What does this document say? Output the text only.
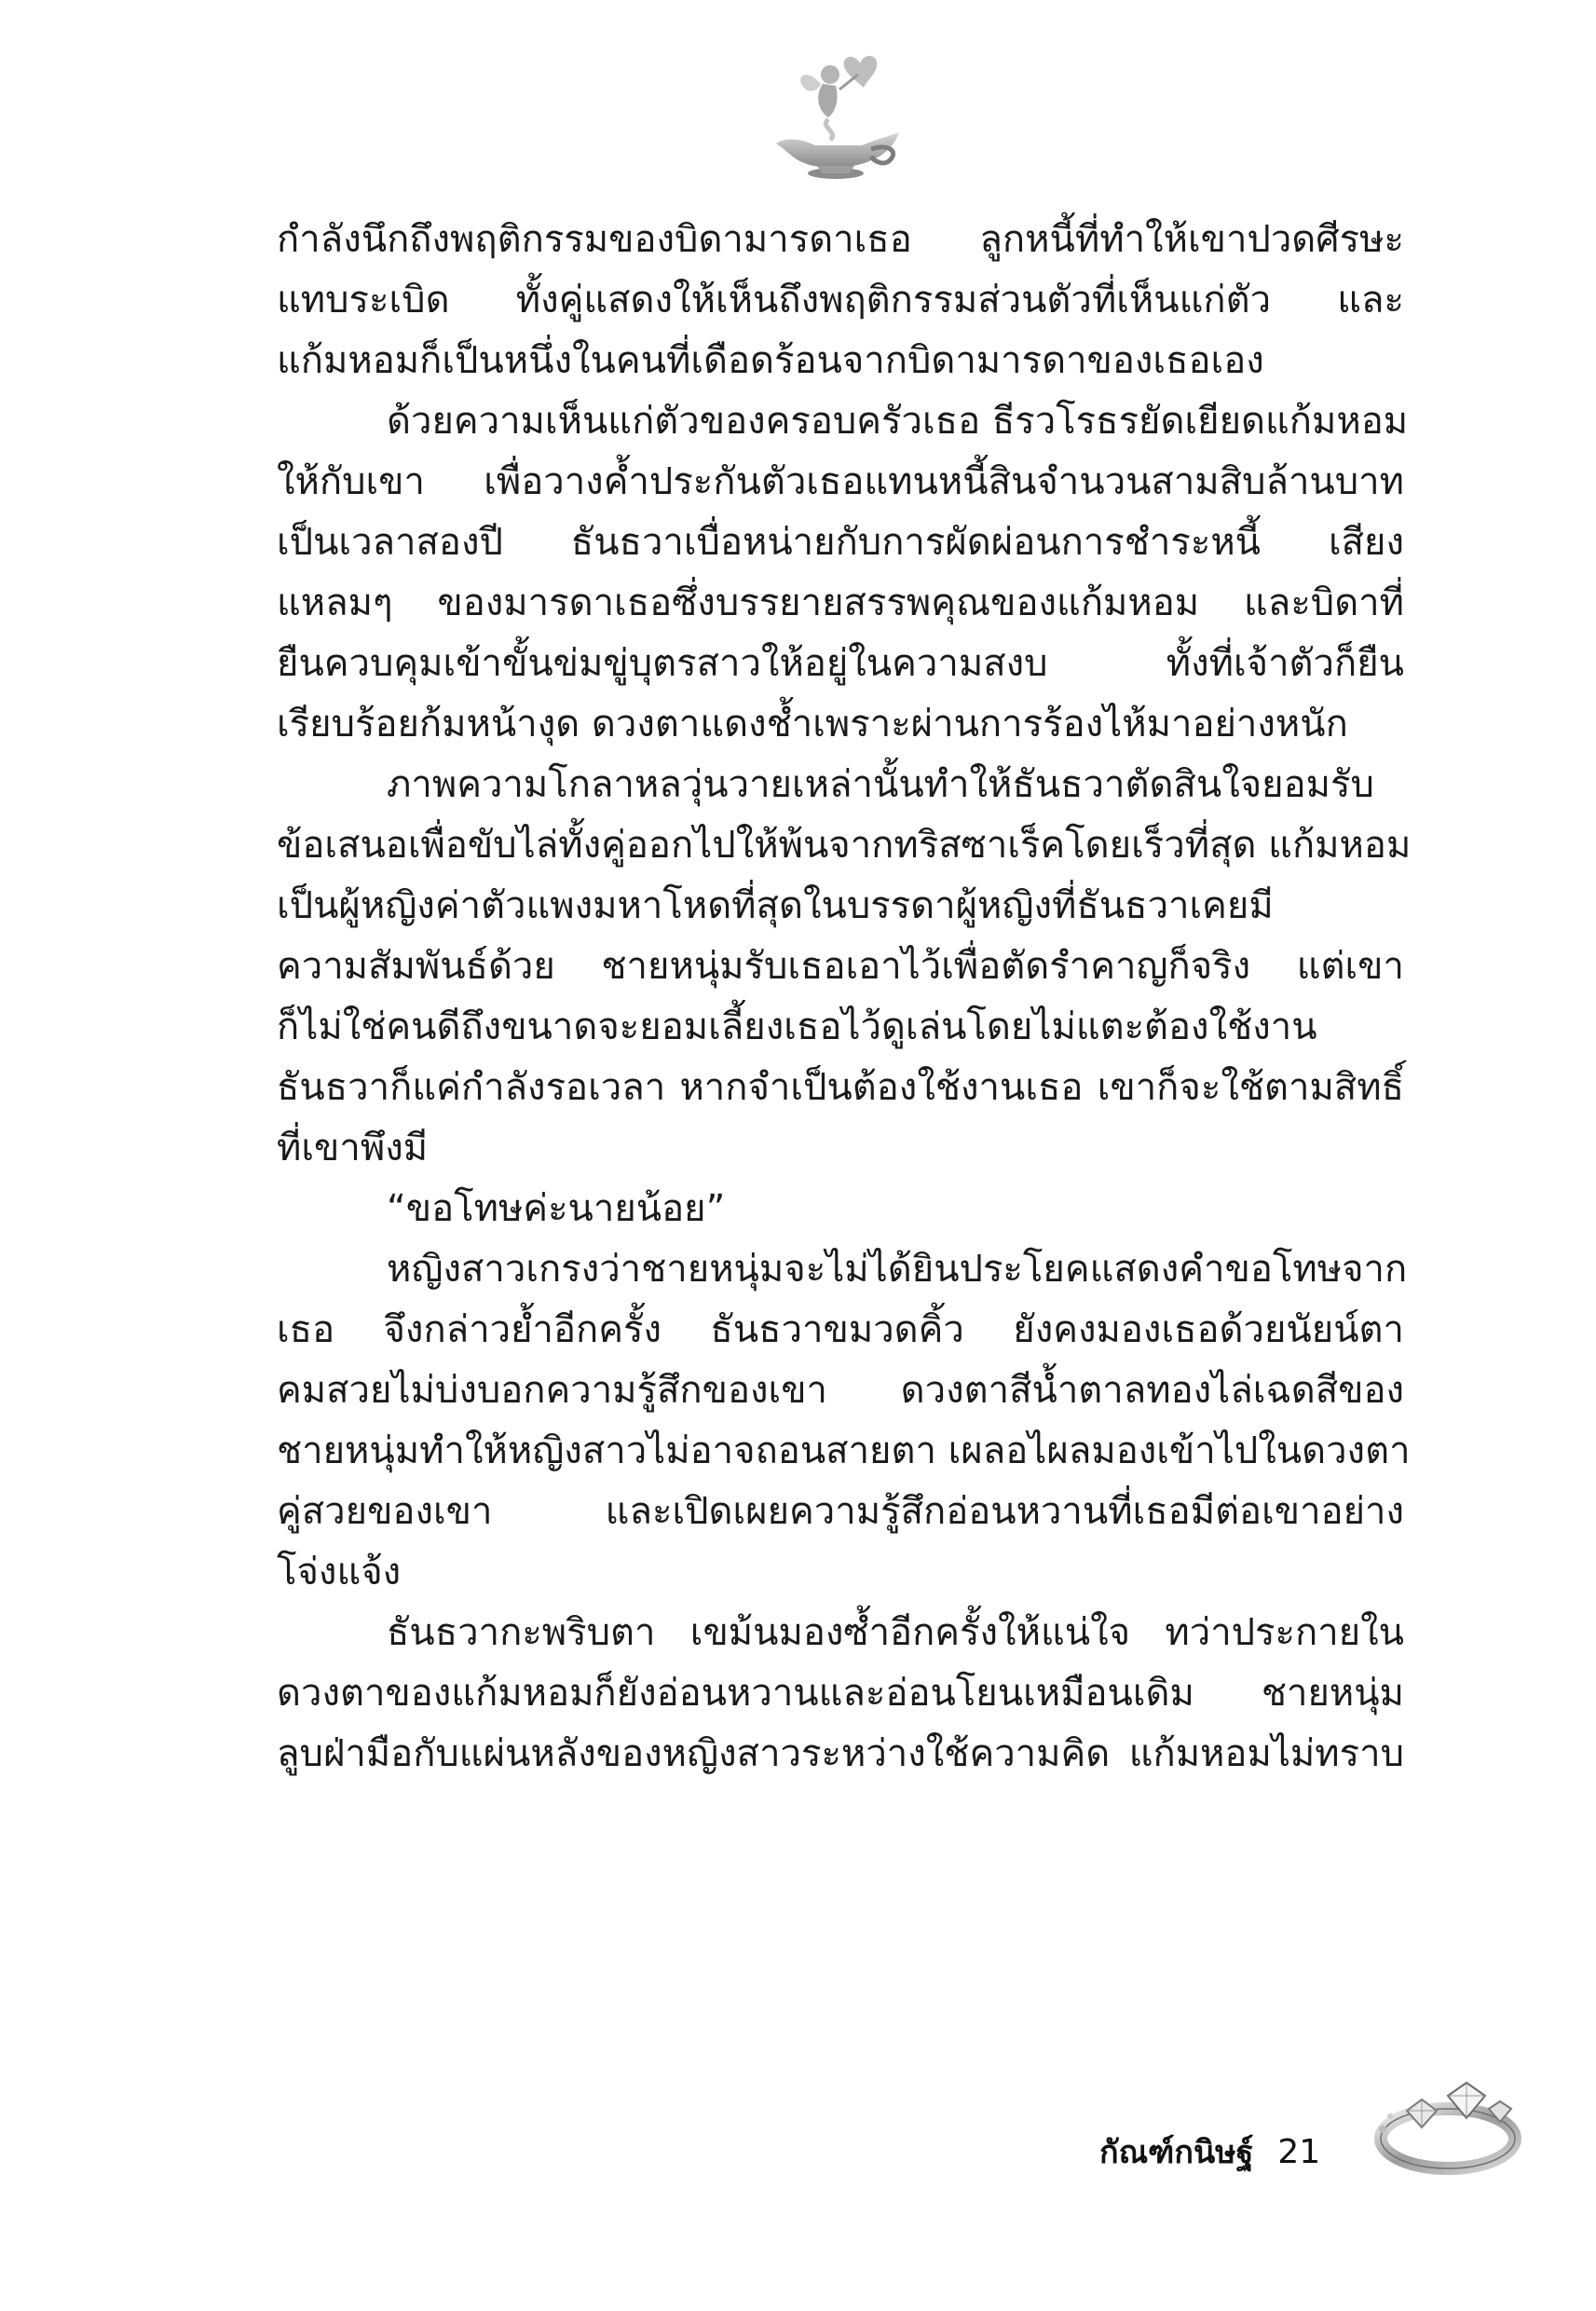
กำลังนึกถึงพฤติกรรมของบิดามารดาเธอ ลูกหนี้ที่ทำให้เขาปวดศีรษะ
แทบระเบิด ทั้งคู่แสดงให้เห็นถึงพฤติกรรมส่วนตัวที่เห็นแก่ตัว และ
แก้มหอมก็เป็นหนึ่งในคนที่เดือดร้อนจากบิดามารดาของเธอเอง
ด้วยความเห็นแก่ตัวของครอบครัวเธอ ธีรวโรธรยัดเยียดแก้มหอม
ให้กับเขา เพื่อวางค้ำประกันตัวเธอแทนหนี้สินจำนวนสามสิบล้านบาท
เป็นเวลาสองปี ธันธวาเบื่อหน่ายกับการผัดผ่อนการชำระหนี้ เสียง
แหลมๆ ของมารดาเธอซึ่งบรรยายสรรพคุณของแก้มหอม และบิดาที่
ยืนควบคุมเข้าขั้นข่มขู่บุตรสาวให้อยู่ในความสงบ ทั้งที่เจ้าตัวก็ยืน
เรียบร้อยก้มหน้างุด ดวงตาแดงช้ำเพราะผ่านการร้องไห้มาอย่างหนัก
ภาพความโกลาหลวุ่นวายเหล่านั้นทำให้ธันธวาตัดสินใจยอมรับ
ข้อเสนอเพื่อขับไล่ทั้งคู่ออกไปให้พ้นจากทริสซาเร็คโดยเร็วที่สุด แก้มหอม
เป็นผู้หญิงค่าตัวแพงมหาโหดที่สุดในบรรดาผู้หญิงที่ธันธวาเคยมี
ความสัมพันธ์ด้วย ชายหนุ่มรับเธอเอาไว้เพื่อตัดรำคาญก็จริง แต่เขา
ก็ไม่ใช่คนดีถึงขนาดจะยอมเลี้ยงเธอไว้ดูเล่นโดยไม่แตะต้องใช้งาน
ธันธวาก็แค่กำลังรอเวลา หากจำเป็นต้องใช้งานเธอ เขาก็จะใช้ตามสิทธิ์
ที่เขาพึงมี
“ขอโทษค่ะนายน้อย”
หญิงสาวเกรงว่าชายหนุ่มจะไม่ได้ยินประโยคแสดงคำขอโทษจาก
เธอ จึงกล่าวย้ำอีกครั้ง ธันธวาขมวดคิ้ว ยังคงมองเธอด้วยนัยน์ตา
คมสวยไม่บ่งบอกความรู้สึกของเขา ดวงตาสีน้ำตาลทองไล่เฉดสีของ
ชายหนุ่มทำให้หญิงสาวไม่อาจถอนสายตา เผลอไผลมองเข้าไปในดวงตา
คู่สวยของเขา และเปิดเผยความรู้สึกอ่อนหวานที่เธอมีต่อเขาอย่าง
โจ่งแจ้ง
ธันธวากะพริบตา เขม้นมองซ้ำอีกครั้งให้แน่ใจ ทว่าประกายใน
ดวงตาของแก้มหอมก็ยังอ่อนหวานและอ่อนโยนเหมือนเดิม ชายหนุ่ม
ลูบฝ่ามือกับแผ่นหลังของหญิงสาวระหว่างใช้ความคิด แก้มหอมไม่ทราบ
กัณฑ์กนิษฐ์ 21
